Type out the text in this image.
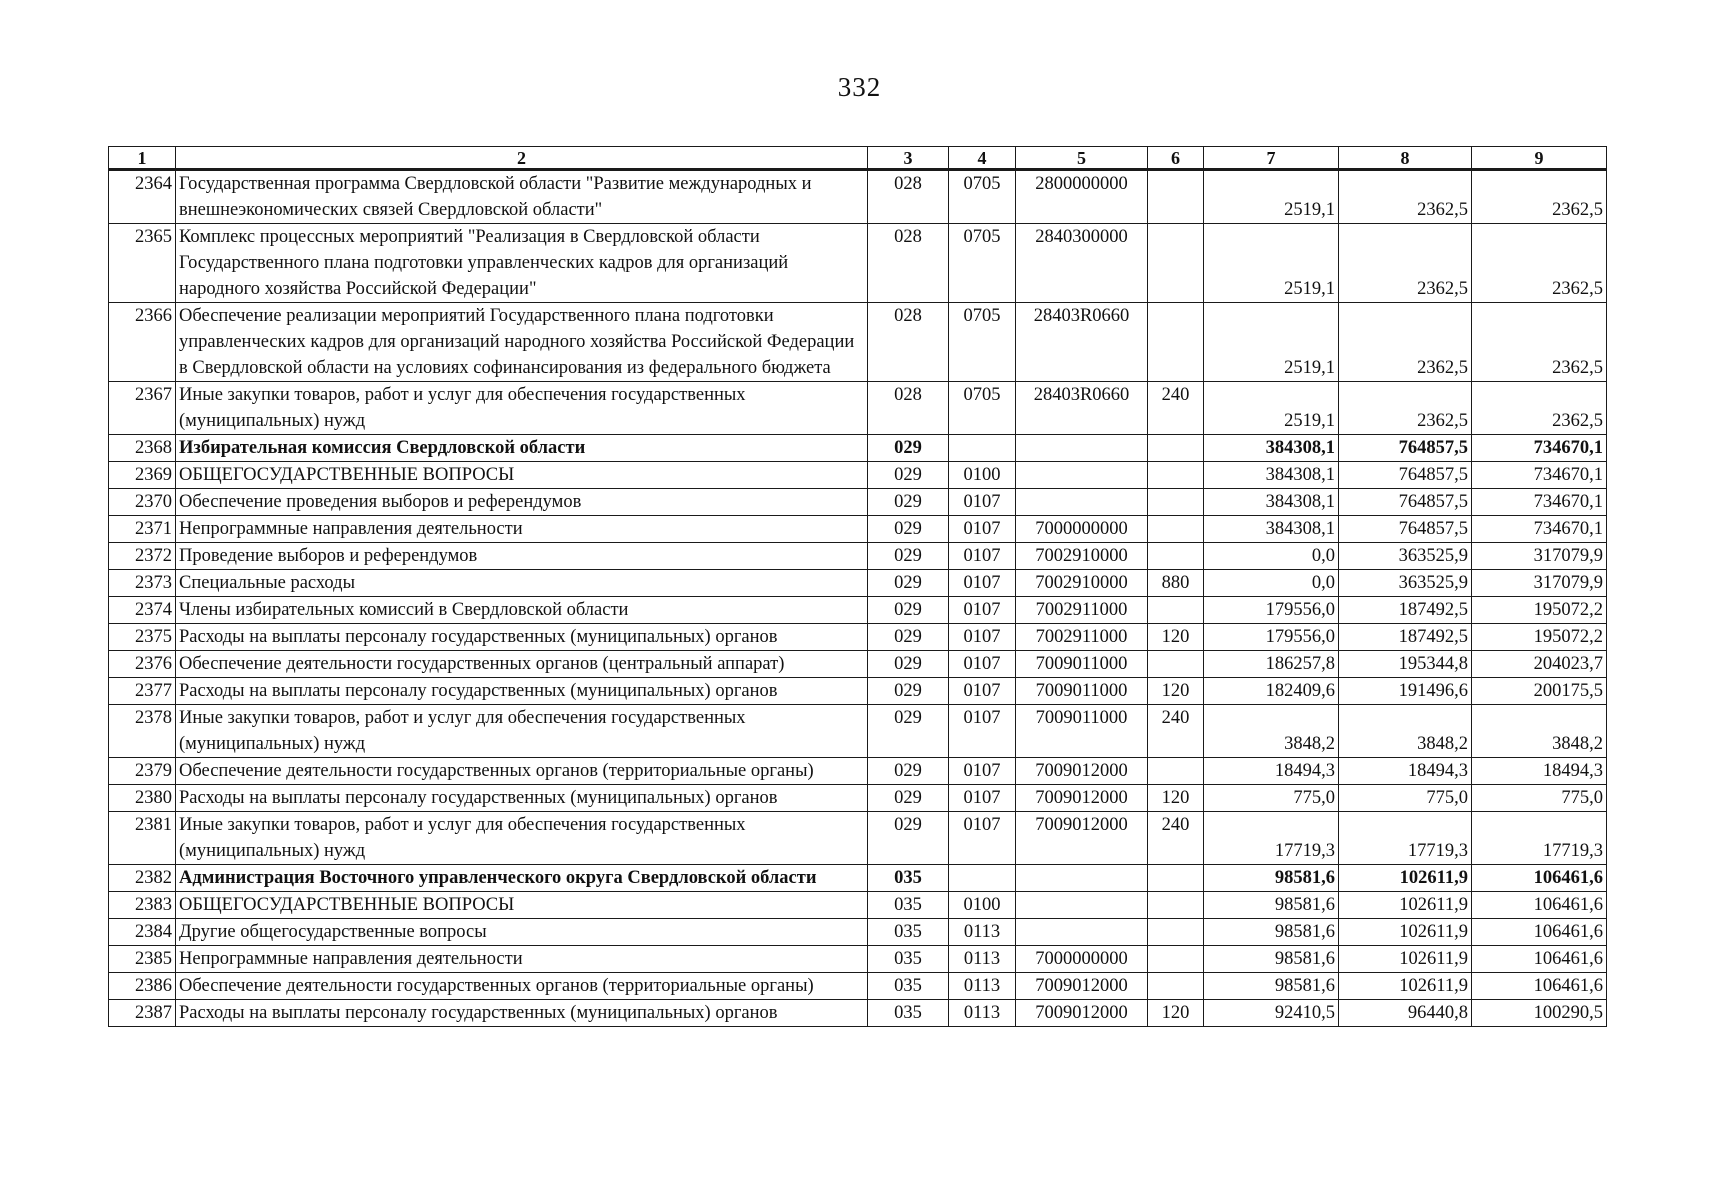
332
1	2	3	4	5	6	7	8	9
2364	Государственная программа Свердловской области "Развитие международных и внешнеэкономических связей Свердловской области"	028	0705	2800000000		2519,1	2362,5	2362,5
2365	Комплекс процессных мероприятий "Реализация в Свердловской области Государственного плана подготовки управленческих кадров для организаций народного хозяйства Российской Федерации"	028	0705	2840300000		2519,1	2362,5	2362,5
2366	Обеспечение реализации мероприятий Государственного плана подготовки управленческих кадров для организаций народного хозяйства Российской Федерации в Свердловской области на условиях софинансирования из федерального бюджета	028	0705	28403R0660		2519,1	2362,5	2362,5
2367	Иные закупки товаров, работ и услуг для обеспечения государственных (муниципальных) нужд	028	0705	28403R0660	240	2519,1	2362,5	2362,5
2368	Избирательная комиссия Свердловской области	029				384308,1	764857,5	734670,1
2369	ОБЩЕГОСУДАРСТВЕННЫЕ ВОПРОСЫ	029	0100			384308,1	764857,5	734670,1
2370	Обеспечение проведения выборов и референдумов	029	0107			384308,1	764857,5	734670,1
2371	Непрограммные направления деятельности	029	0107	7000000000		384308,1	764857,5	734670,1
2372	Проведение выборов и референдумов	029	0107	7002910000		0,0	363525,9	317079,9
2373	Специальные расходы	029	0107	7002910000	880	0,0	363525,9	317079,9
2374	Члены избирательных комиссий в Свердловской области	029	0107	7002911000		179556,0	187492,5	195072,2
2375	Расходы на выплаты персоналу государственных (муниципальных) органов	029	0107	7002911000	120	179556,0	187492,5	195072,2
2376	Обеспечение деятельности государственных органов (центральный аппарат)	029	0107	7009011000		186257,8	195344,8	204023,7
2377	Расходы на выплаты персоналу государственных (муниципальных) органов	029	0107	7009011000	120	182409,6	191496,6	200175,5
2378	Иные закупки товаров, работ и услуг для обеспечения государственных (муниципальных) нужд	029	0107	7009011000	240	3848,2	3848,2	3848,2
2379	Обеспечение деятельности государственных органов (территориальные органы)	029	0107	7009012000		18494,3	18494,3	18494,3
2380	Расходы на выплаты персоналу государственных (муниципальных) органов	029	0107	7009012000	120	775,0	775,0	775,0
2381	Иные закупки товаров, работ и услуг для обеспечения государственных (муниципальных) нужд	029	0107	7009012000	240	17719,3	17719,3	17719,3
2382	Администрация Восточного управленческого округа Свердловской области	035				98581,6	102611,9	106461,6
2383	ОБЩЕГОСУДАРСТВЕННЫЕ ВОПРОСЫ	035	0100			98581,6	102611,9	106461,6
2384	Другие общегосударственные вопросы	035	0113			98581,6	102611,9	106461,6
2385	Непрограммные направления деятельности	035	0113	7000000000		98581,6	102611,9	106461,6
2386	Обеспечение деятельности государственных органов (территориальные органы)	035	0113	7009012000		98581,6	102611,9	106461,6
2387	Расходы на выплаты персоналу государственных (муниципальных) органов	035	0113	7009012000	120	92410,5	96440,8	100290,5
